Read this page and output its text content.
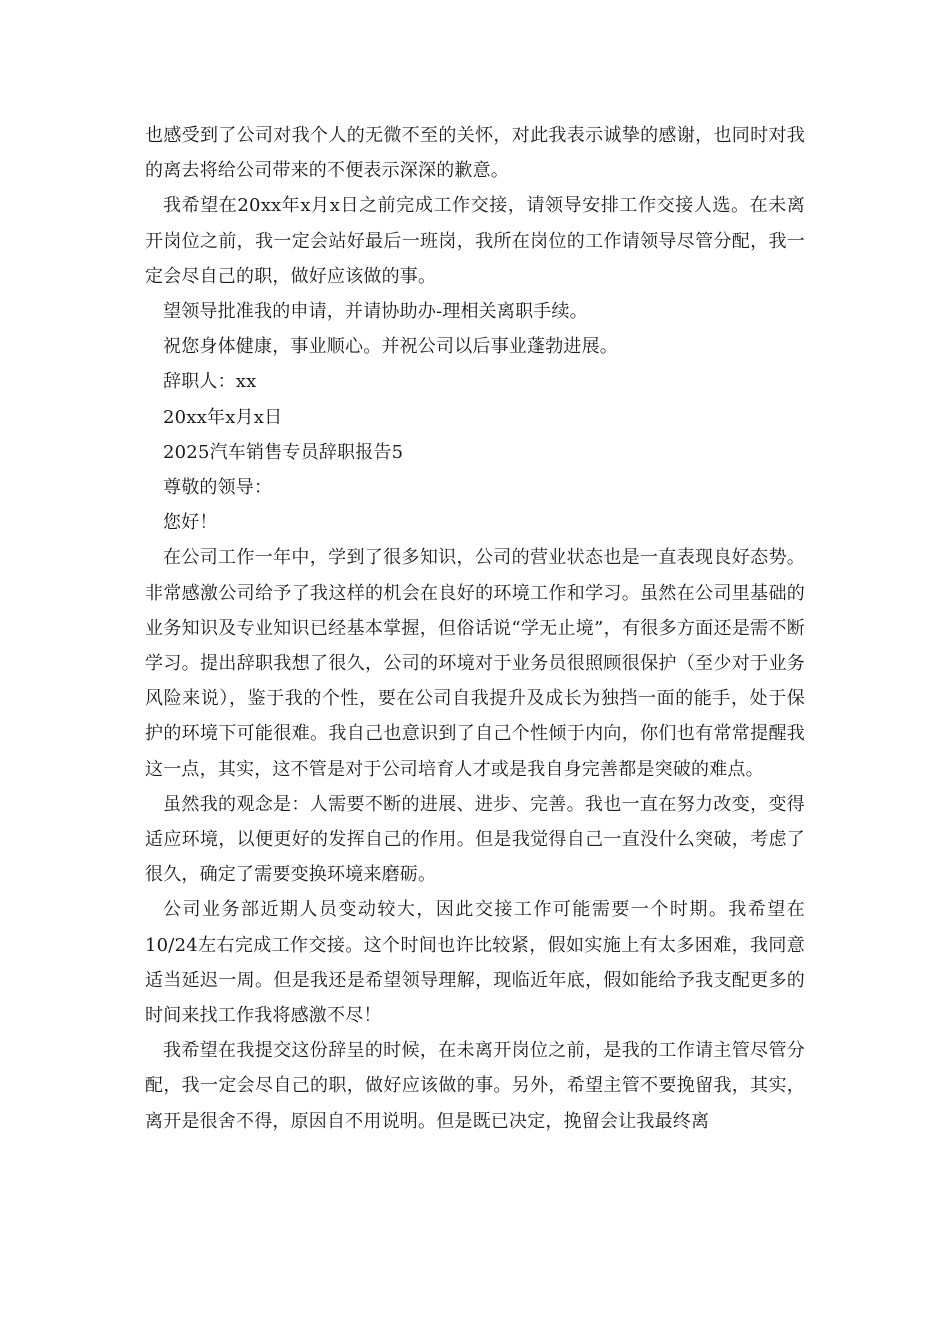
也感受到了公司对我个人的无微不至的关怀，对此我表示诚挚的感谢，也同时对我的离去将给公司带来的不便表示深深的歉意。

我希望在20xx年x月x日之前完成工作交接，请领导安排工作交接人选。在未离开岗位之前，我一定会站好最后一班岗，我所在岗位的工作请领导尽管分配，我一定会尽自己的职，做好应该做的事。

望领导批准我的申请，并请协助办-理相关离职手续。

祝您身体健康，事业顺心。并祝公司以后事业蓬勃进展。

辞职人：xx

20xx年x月x日

2025汽车销售专员辞职报告5

尊敬的领导：

您好！

在公司工作一年中，学到了很多知识，公司的营业状态也是一直表现良好态势。非常感激公司给予了我这样的机会在良好的环境工作和学习。虽然在公司里基础的业务知识及专业知识已经基本掌握，但俗话说“学无止境”，有很多方面还是需不断学习。提出辞职我想了很久，公司的环境对于业务员很照顾很保护（至少对于业务风险来说），鉴于我的个性，要在公司自我提升及成长为独挡一面的能手，处于保护的环境下可能很难。我自己也意识到了自己个性倾于内向，你们也有常常提醒我这一点，其实，这不管是对于公司培育人才或是我自身完善都是突破的难点。

虽然我的观念是：人需要不断的进展、进步、完善。我也一直在努力改变，变得适应环境，以便更好的发挥自己的作用。但是我觉得自己一直没什么突破，考虑了很久，确定了需要变换环境来磨砺。

公司业务部近期人员变动较大，因此交接工作可能需要一个时期。我希望在10/24左右完成工作交接。这个时间也许比较紧，假如实施上有太多困难，我同意适当延迟一周。但是我还是希望领导理解，现临近年底，假如能给予我支配更多的时间来找工作我将感激不尽！

我希望在我提交这份辞呈的时候，在未离开岗位之前，是我的工作请主管尽管分配，我一定会尽自己的职，做好应该做的事。另外，希望主管不要挽留我，其实，离开是很舍不得，原因自不用说明。但是既已决定，挽留会让我最终离
